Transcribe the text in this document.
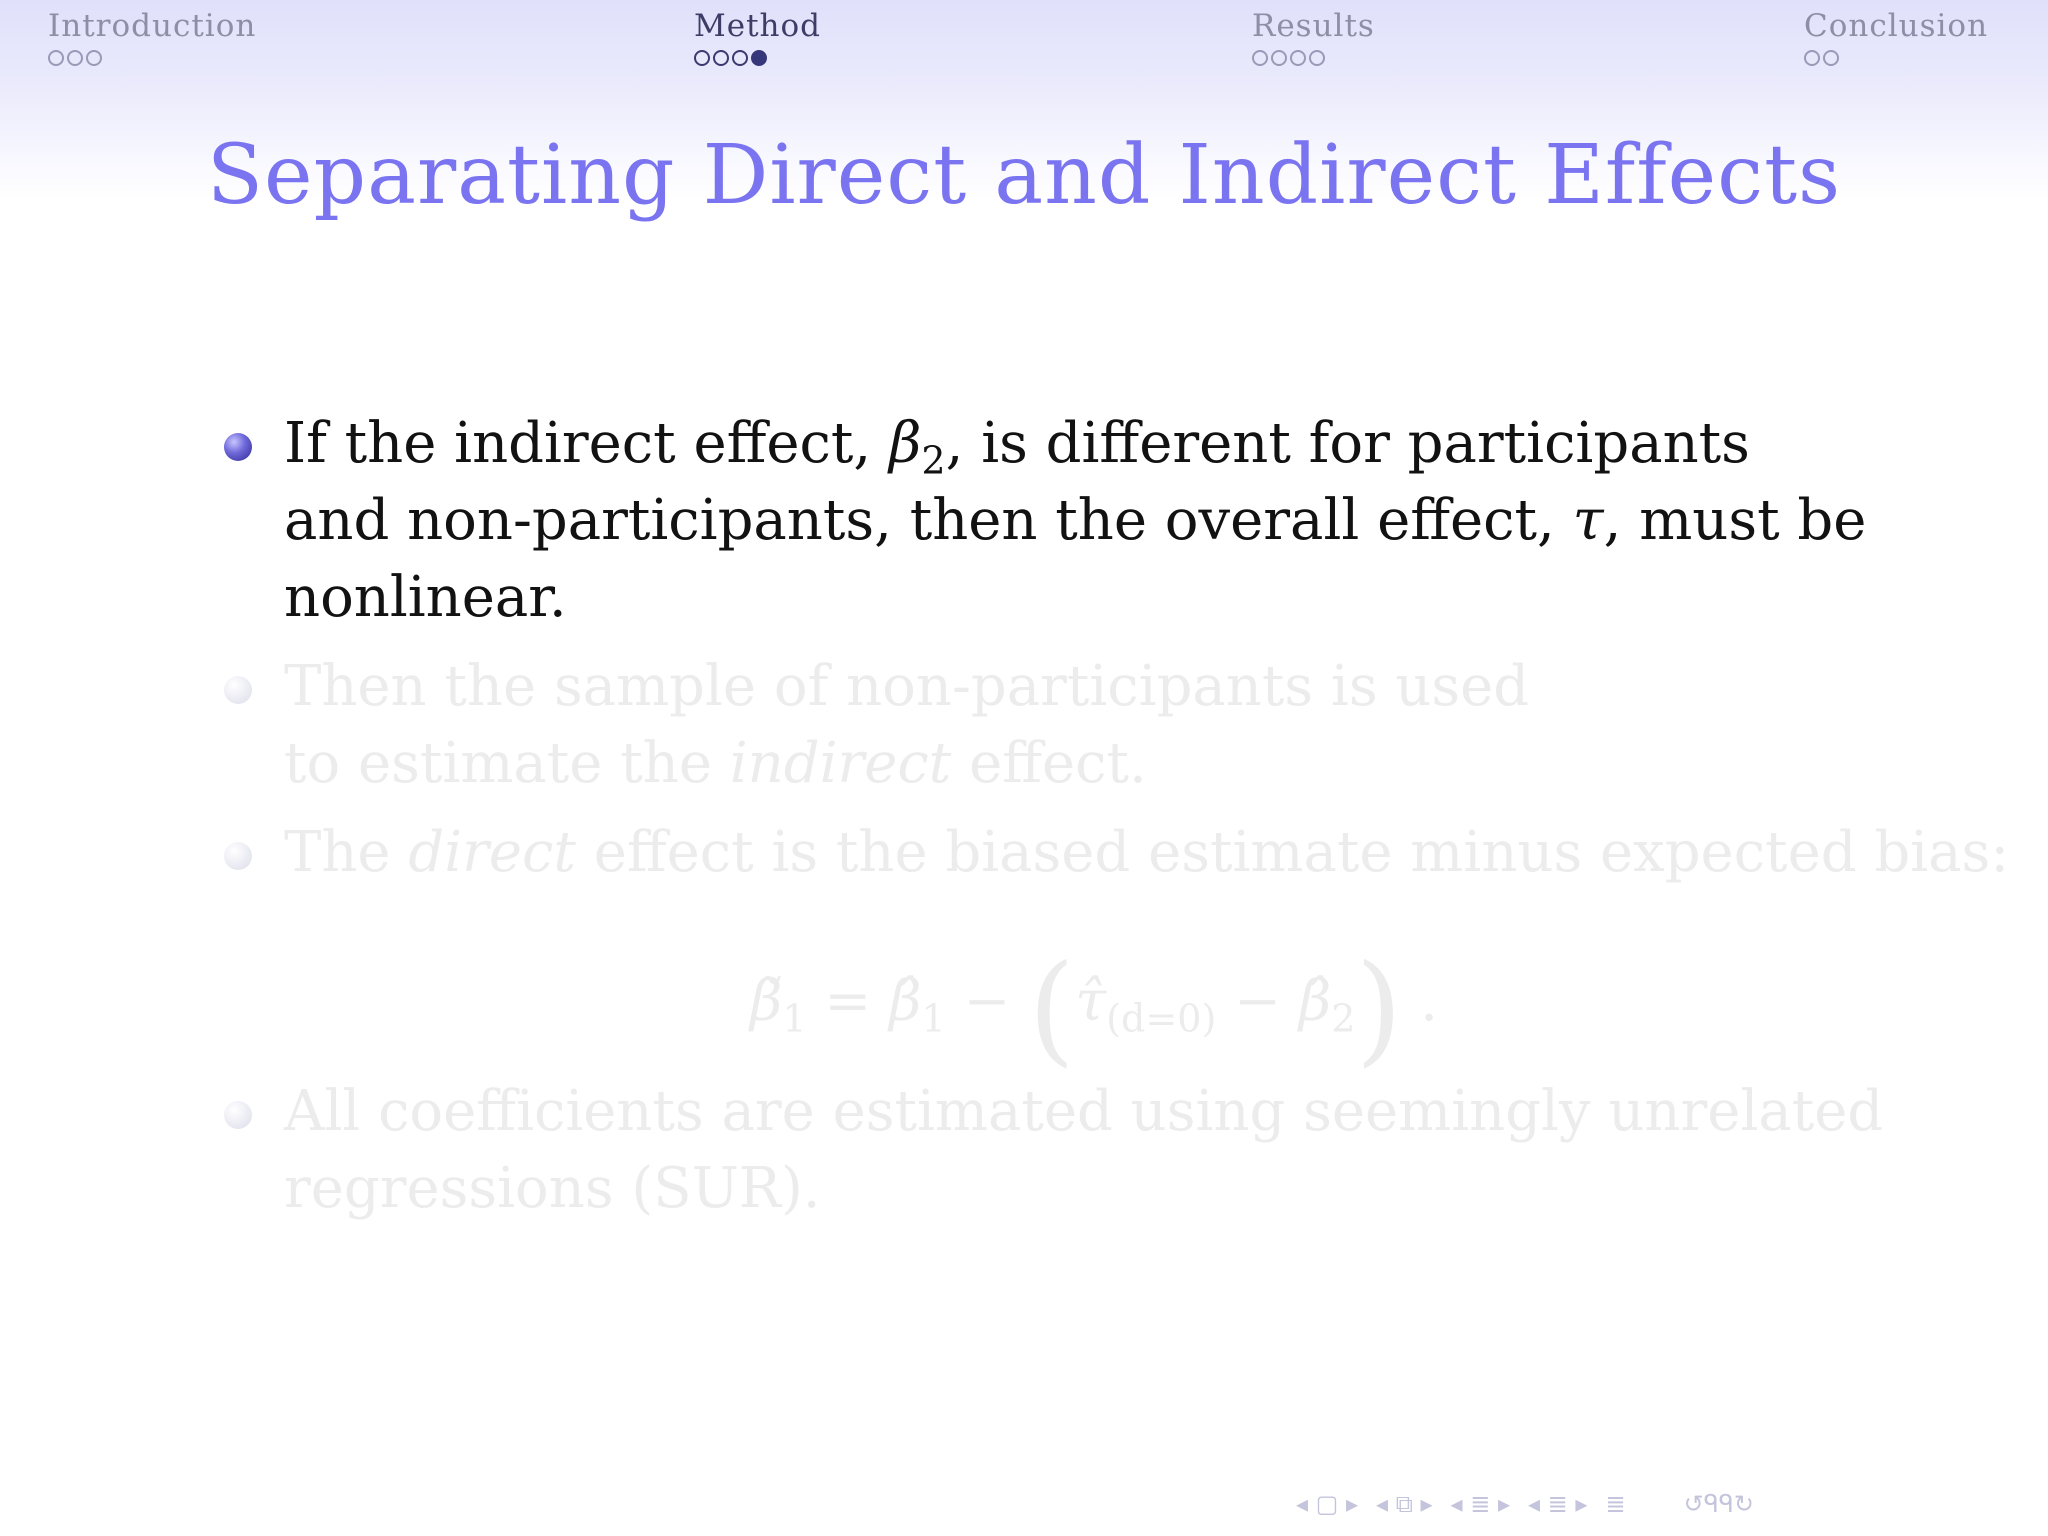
Introduction	Method	Results	Conclusion
Separating Direct and Indirect Effects
If the indirect effect, $\beta_2$, is different for participants
and non-participants, then the overall effect, τ, must be
nonlinear.
Then the sample of non-participants is used
to estimate the indirect effect.
The direct effect is the biased estimate minus expected bias:
$\betã_1$ = $\betâ_1$ − ($\taû_{(d=0)}$ − $\betâ_2$) .
All coefficients are estimated using seemingly unrelated
regressions (SUR).
◂ ▢ ▸ ◂ ⧉ ▸ ◂ ≣ ▸ ◂ ≣ ▸ ≣ ↺ᑫᑫ↻
